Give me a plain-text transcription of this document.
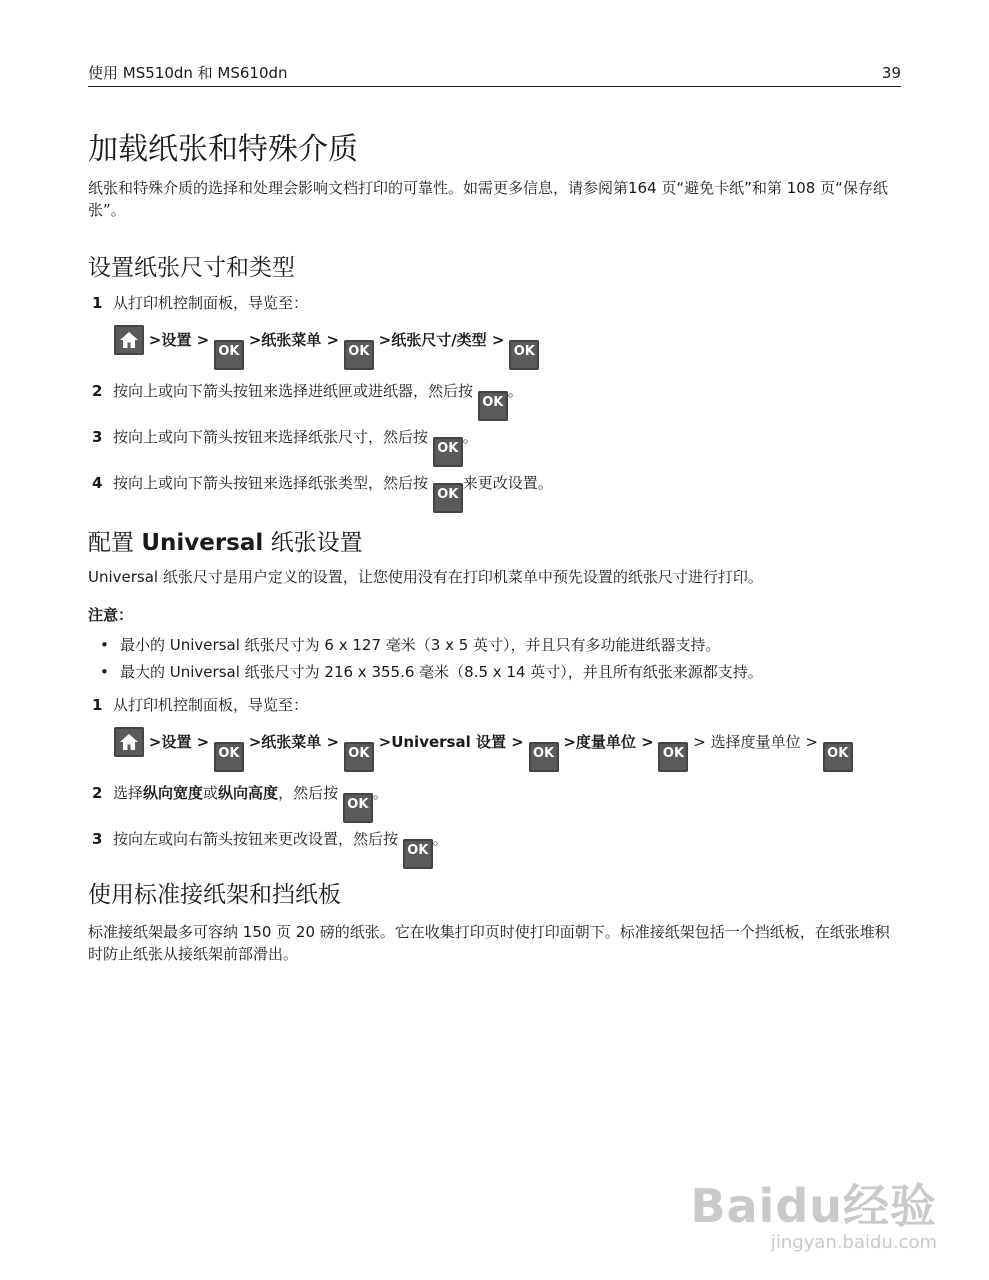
使用 MS510dn 和 MS610dn	39
加载纸张和特殊介质

纸张和特殊介质的选择和处理会影响文档打印的可靠性。如需更多信息，请参阅第164 页“避免卡纸”和第 108 页“保存纸张”。

设置纸张尺寸和类型
1 从打印机控制面板，导览至：
>设置 > OK >纸张菜单 > OK >纸张尺寸/类型 > OK
2 按向上或向下箭头按钮来选择进纸匣或进纸器，然后按 OK。
3 按向上或向下箭头按钮来选择纸张尺寸，然后按 OK。
4 按向上或向下箭头按钮来选择纸张类型，然后按 OK来更改设置。
配置 Universal 纸张设置

Universal 纸张尺寸是用户定义的设置，让您使用没有在打印机菜单中预先设置的纸张尺寸进行打印。

注意：

• 最小的 Universal 纸张尺寸为 6 x 127 毫米（3 x 5 英寸），并且只有多功能进纸器支持。
• 最大的 Universal 纸张尺寸为 216 x 355.6 毫米（8.5 x 14 英寸），并且所有纸张来源都支持。
1 从打印机控制面板，导览至：
>设置 > OK >纸张菜单 > OK >Universal 设置 > OK >度量单位 > OK > 选择度量单位 > OK
2 选择纵向宽度或纵向高度，然后按 OK。
3 按向左或向右箭头按钮来更改设置，然后按 OK。
使用标准接纸架和挡纸板

标准接纸架最多可容纳 150 页 20 磅的纸张。它在收集打印页时使打印面朝下。标准接纸架包括一个挡纸板，在纸张堆积时防止纸张从接纸架前部滑出。

Baidu经验
jingyan.baidu.com
